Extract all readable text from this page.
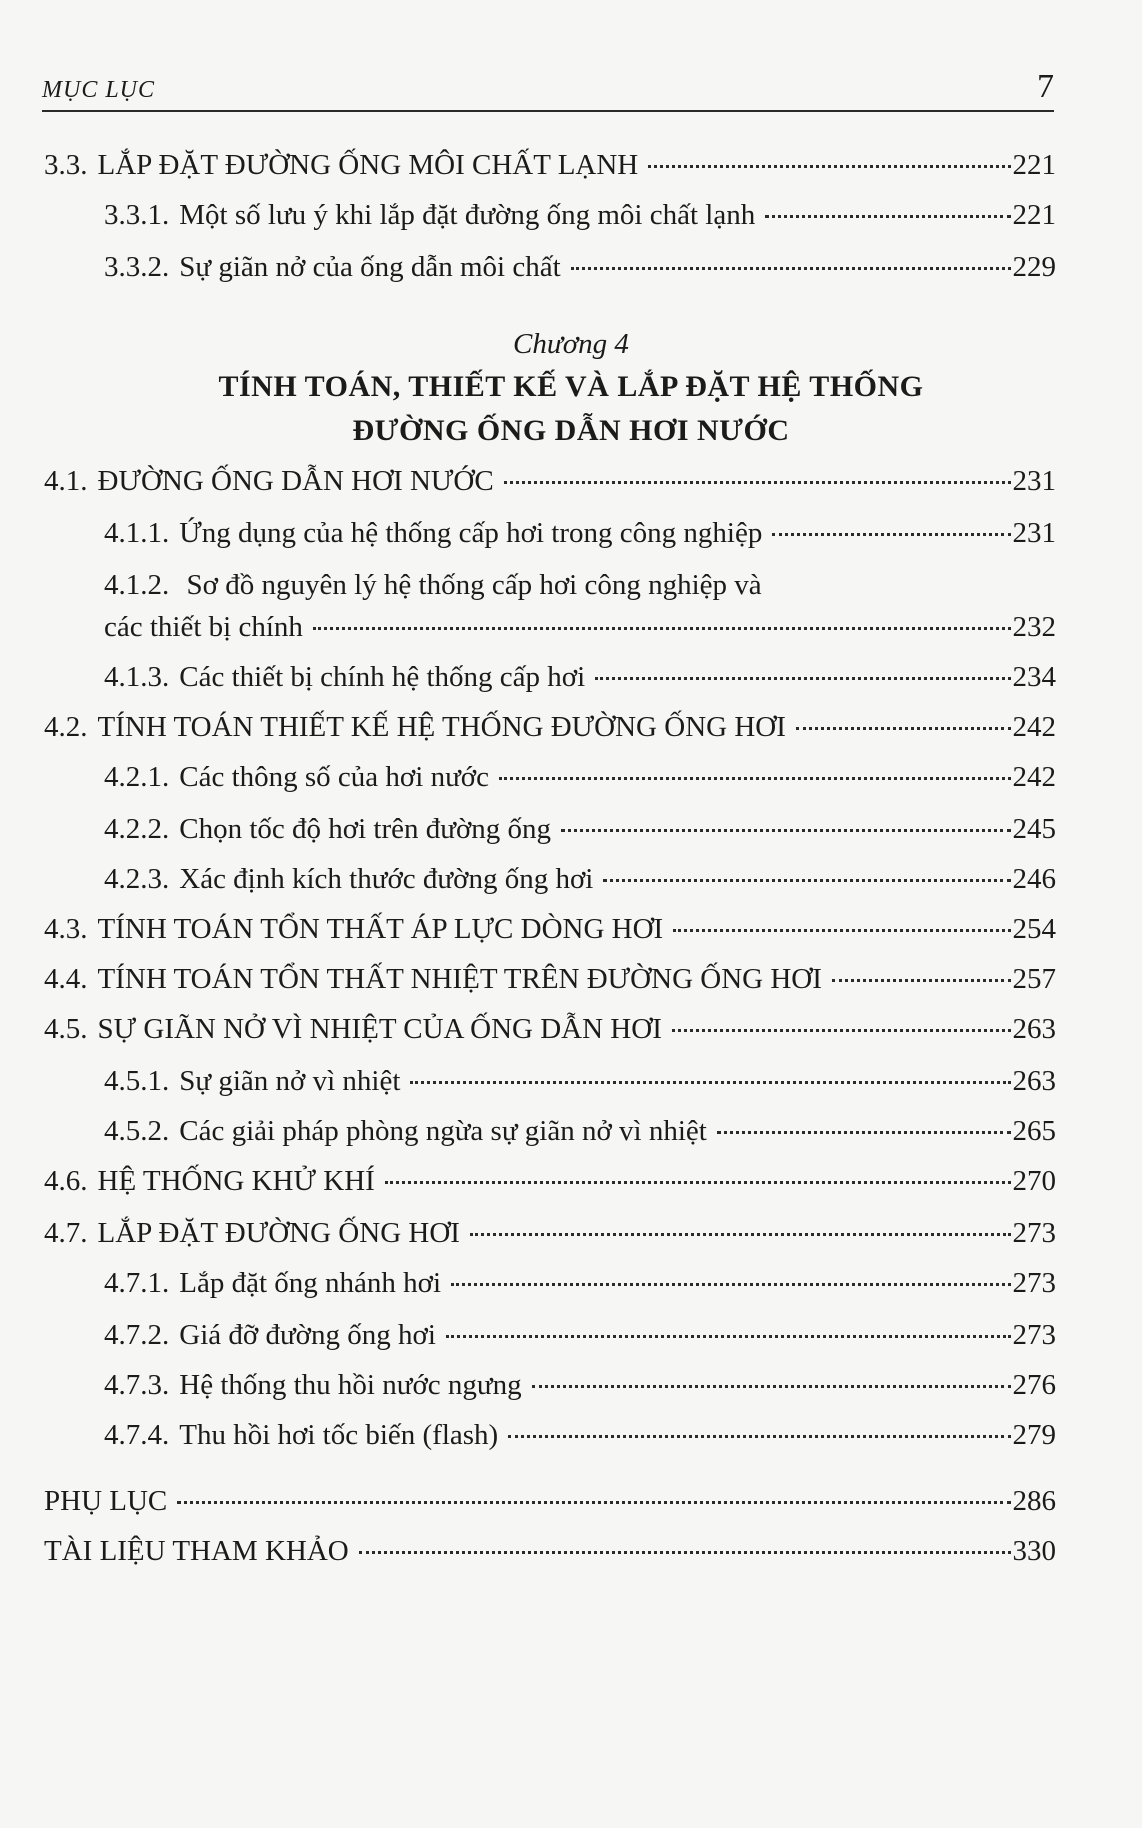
MỤC LỤC	7
3.3. LẮP ĐẶT ĐƯỜNG ỐNG MÔI CHẤT LẠNH	221
3.3.1. Một số lưu ý khi lắp đặt đường ống môi chất lạnh	221
3.3.2. Sự giãn nở của ống dẫn môi chất	229
Chương 4
TÍNH TOÁN, THIẾT KẾ VÀ LẮP ĐẶT HỆ THỐNG
ĐƯỜNG ỐNG DẪN HƠI NƯỚC
4.1. ĐƯỜNG ỐNG DẪN HƠI NƯỚC	231
4.1.1. Ứng dụng của hệ thống cấp hơi trong công nghiệp	231
4.1.2. Sơ đồ nguyên lý hệ thống cấp hơi công nghiệp và
các thiết bị chính	232
4.1.3. Các thiết bị chính hệ thống cấp hơi	234
4.2. TÍNH TOÁN THIẾT KẾ HỆ THỐNG ĐƯỜNG ỐNG HƠI	242
4.2.1. Các thông số của hơi nước	242
4.2.2. Chọn tốc độ hơi trên đường ống	245
4.2.3. Xác định kích thước đường ống hơi	246
4.3. TÍNH TOÁN TỔN THẤT ÁP LỰC DÒNG HƠI	254
4.4. TÍNH TOÁN TỔN THẤT NHIỆT TRÊN ĐƯỜNG ỐNG HƠI	257
4.5. SỰ GIÃN NỞ VÌ NHIỆT CỦA ỐNG DẪN HƠI	263
4.5.1. Sự giãn nở vì nhiệt	263
4.5.2. Các giải pháp phòng ngừa sự giãn nở vì nhiệt	265
4.6. HỆ THỐNG KHỬ KHÍ	270
4.7. LẮP ĐẶT ĐƯỜNG ỐNG HƠI	273
4.7.1. Lắp đặt ống nhánh hơi	273
4.7.2. Giá đỡ đường ống hơi	273
4.7.3. Hệ thống thu hồi nước ngưng	276
4.7.4. Thu hồi hơi tốc biến (flash)	279
PHỤ LỤC	286
TÀI LIỆU THAM KHẢO	330
